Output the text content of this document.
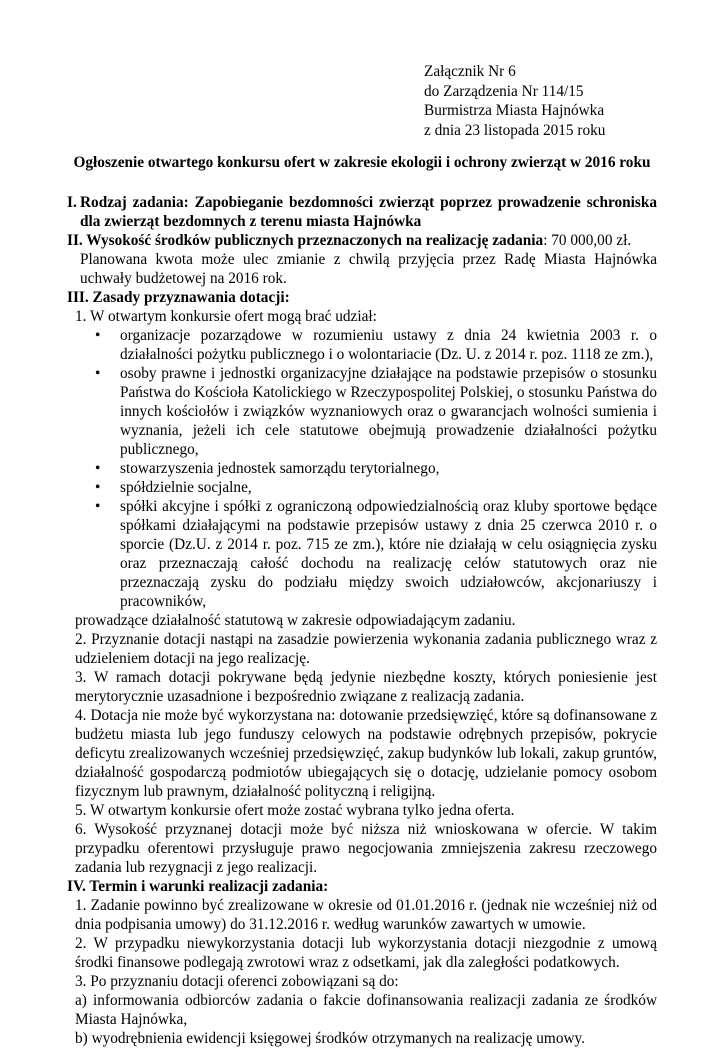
Załącznik Nr 6
do Zarządzenia Nr 114/15
Burmistrza Miasta Hajnówka
z dnia 23 listopada 2015 roku
Ogłoszenie otwartego konkursu ofert w zakresie ekologii i ochrony zwierząt w 2016 roku
I. Rodzaj zadania: Zapobieganie bezdomności zwierząt poprzez prowadzenie schroniska dla zwierząt bezdomnych z terenu miasta Hajnówka
II. Wysokość środków publicznych przeznaczonych na realizację zadania: 70 000,00 zł.
Planowana kwota może ulec zmianie z chwilą przyjęcia przez Radę Miasta Hajnówka uchwały budżetowej na 2016 rok.
III. Zasady przyznawania dotacji:
1. W otwartym konkursie ofert mogą brać udział:
• organizacje pozarządowe w rozumieniu ustawy z dnia 24 kwietnia 2003 r. o działalności pożytku publicznego i o wolontariacie (Dz. U. z 2014 r. poz. 1118 ze zm.),
• osoby prawne i jednostki organizacyjne działające na podstawie przepisów o stosunku Państwa do Kościoła Katolickiego w Rzeczypospolitej Polskiej, o stosunku Państwa do innych kościołów i związków wyznaniowych oraz o gwarancjach wolności sumienia i wyznania, jeżeli ich cele statutowe obejmują prowadzenie działalności pożytku publicznego,
• stowarzyszenia jednostek samorządu terytorialnego,
• spółdzielnie socjalne,
• spółki akcyjne i spółki z ograniczoną odpowiedzialnością oraz kluby sportowe będące spółkami działającymi na podstawie przepisów ustawy z dnia 25 czerwca 2010 r. o sporcie (Dz.U. z 2014 r. poz. 715 ze zm.), które nie działają w celu osiągnięcia zysku oraz przeznaczają całość dochodu na realizację celów statutowych oraz nie przeznaczają zysku do podziału między swoich udziałowców, akcjonariuszy i pracowników,
prowadzące działalność statutową w zakresie odpowiadającym zadaniu.
2. Przyznanie dotacji nastąpi na zasadzie powierzenia wykonania zadania publicznego wraz z udzieleniem dotacji na jego realizację.
3. W ramach dotacji pokrywane będą jedynie niezbędne koszty, których poniesienie jest merytorycznie uzasadnione i bezpośrednio związane z realizacją zadania.
4. Dotacja nie może być wykorzystana na: dotowanie przedsięwzięć, które są dofinansowane z budżetu miasta lub jego funduszy celowych na podstawie odrębnych przepisów, pokrycie deficytu zrealizowanych wcześniej przedsięwzięć, zakup budynków lub lokali, zakup gruntów, działalność gospodarczą podmiotów ubiegających się o dotację, udzielanie pomocy osobom fizycznym lub prawnym, działalność polityczną i religijną.
5. W otwartym konkursie ofert może zostać wybrana tylko jedna oferta.
6. Wysokość przyznanej dotacji może być niższa niż wnioskowana w ofercie. W takim przypadku oferentowi przysługuje prawo negocjowania zmniejszenia zakresu rzeczowego zadania lub rezygnacji z jego realizacji.
IV. Termin i warunki realizacji zadania:
1. Zadanie powinno być zrealizowane w okresie od 01.01.2016 r. (jednak nie wcześniej niż od dnia podpisania umowy) do 31.12.2016 r. według warunków zawartych w umowie.
2. W przypadku niewykorzystania dotacji lub wykorzystania dotacji niezgodnie z umową środki finansowe podlegają zwrotowi wraz z odsetkami, jak dla zaległości podatkowych.
3. Po przyznaniu dotacji oferenci zobowiązani są do:
a) informowania odbiorców zadania o fakcie dofinansowania realizacji zadania ze środków Miasta Hajnówka,
b) wyodrębnienia ewidencji księgowej środków otrzymanych na realizację umowy.
